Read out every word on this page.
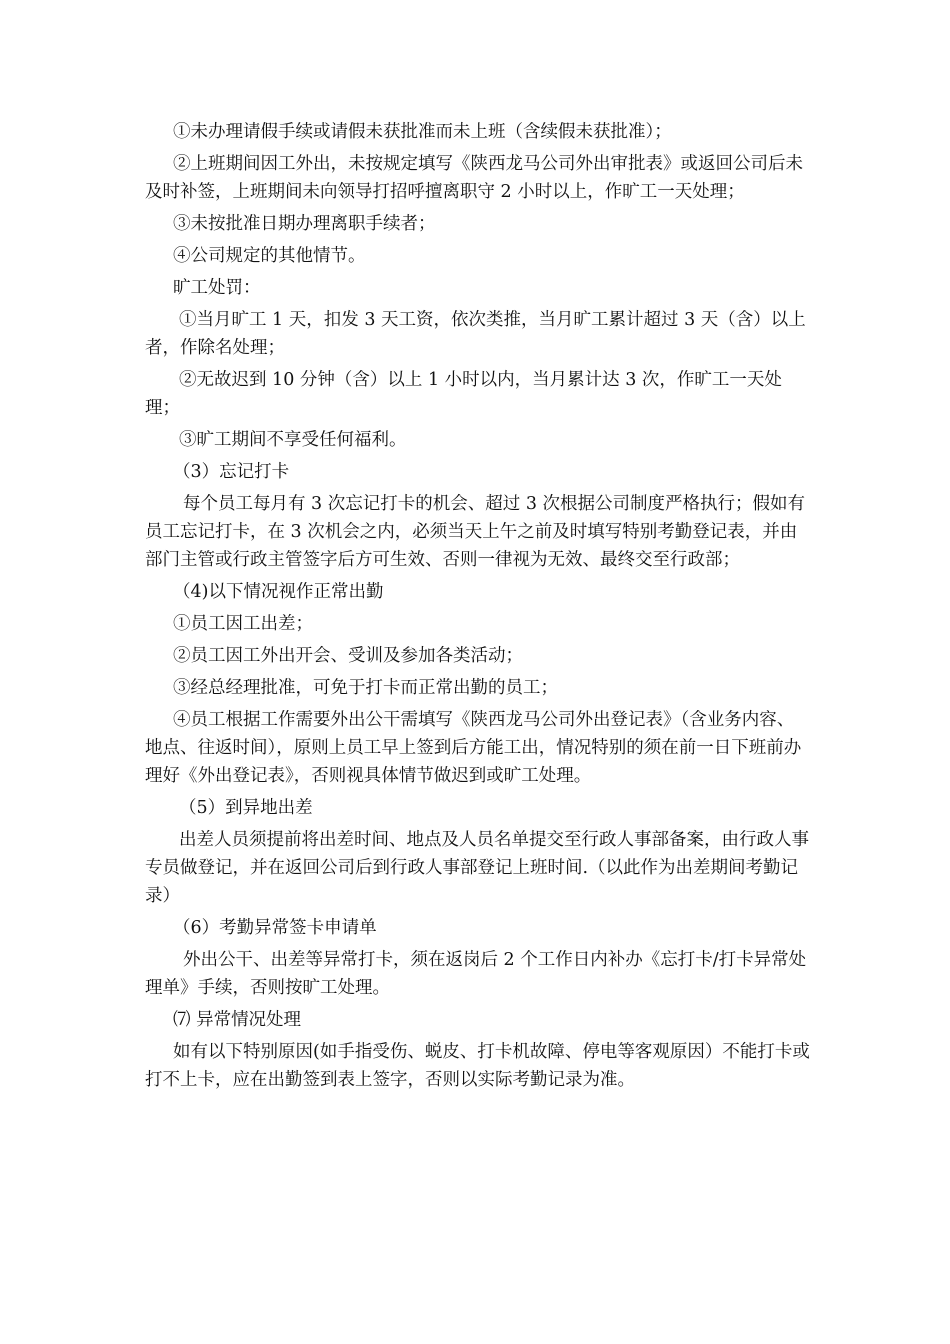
①未办理请假手续或请假未获批准而未上班（含续假未获批准）；

②上班期间因工外出，未按规定填写《陕西龙马公司外出审批表》或返回公司后未及时补签，上班期间未向领导打招呼擅离职守 2 小时以上，作旷工一天处理；

③未按批准日期办理离职手续者；

④公司规定的其他情节。

旷工处罚：

①当月旷工 1 天，扣发 3 天工资，依次类推，当月旷工累计超过 3 天（含）以上者，作除名处理；

②无故迟到 10 分钟（含）以上 1 小时以内，当月累计达 3 次，作旷工一天处理；

③旷工期间不享受任何福利。

（3）忘记打卡

每个员工每月有 3 次忘记打卡的机会、超过 3 次根据公司制度严格执行；假如有员工忘记打卡，在 3 次机会之内，必须当天上午之前及时填写特别考勤登记表，并由部门主管或行政主管签字后方可生效、否则一律视为无效、最终交至行政部；

（4)以下情况视作正常出勤

①员工因工出差；

②员工因工外出开会、受训及参加各类活动；

③经总经理批准，可免于打卡而正常出勤的员工；

④员工根据工作需要外出公干需填写《陕西龙马公司外出登记表》（含业务内容、地点、往返时间），原则上员工早上签到后方能工出，情况特别的须在前一日下班前办理好《外出登记表》，否则视具体情节做迟到或旷工处理。

（5）到异地出差

出差人员须提前将出差时间、地点及人员名单提交至行政人事部备案，由行政人事专员做登记，并在返回公司后到行政人事部登记上班时间.（以此作为出差期间考勤记录）

（6）考勤异常签卡申请单

外出公干、出差等异常打卡，须在返岗后 2 个工作日内补办《忘打卡/打卡异常处理单》手续，否则按旷工处理。

⑺ 异常情况处理

如有以下特别原因(如手指受伤、蜕皮、打卡机故障、停电等客观原因）不能打卡或打不上卡，应在出勤签到表上签字，否则以实际考勤记录为准。
